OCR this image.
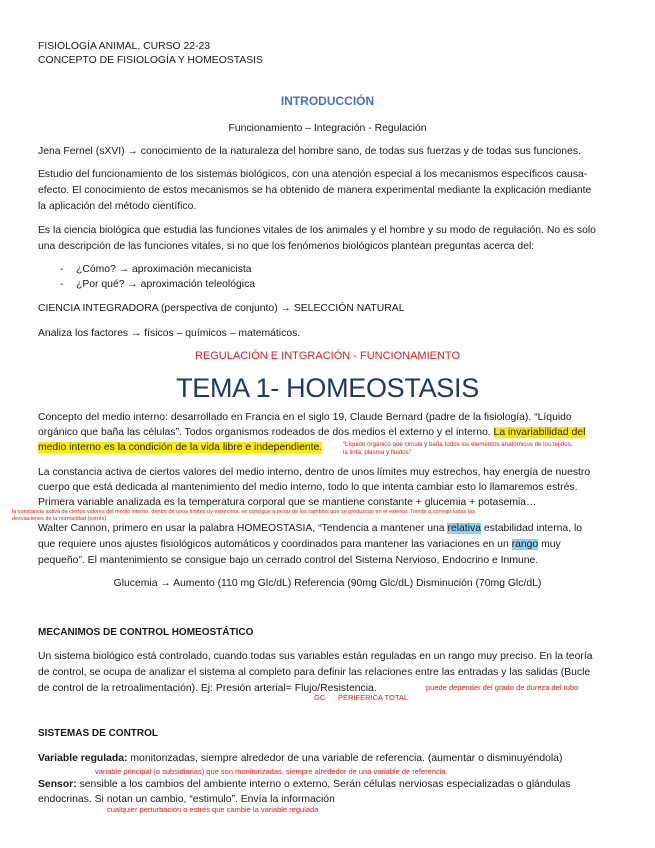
FISIOLOGÍA ANIMAL. CURSO 22-23
CONCEPTO DE FISIOLOGÍA Y HOMEOSTASIS
INTRODUCCIÓN
Funcionamiento – Integración - Regulación
Jena Fernel (sXVI) → conocimiento de la naturaleza del hombre sano, de todas sus fuerzas y de todas sus funciones.
Estudio del funcionamiento de los sistemas biológicos, con una atención especial a los mecanismos específicos causa-
efecto. El conocimiento de estos mecanismos se ha obtenido de manera experimental mediante la explicación mediante
la aplicación del método científico.
Es la ciencia biológica que estudia las funciones vitales de los animales y el hombre y su modo de regulación. No es solo
una descripción de las funciones vitales, si no que los fenómenos biológicos plantean preguntas acerca del:
- ¿Cómo? → aproximación mecanicista
- ¿Por qué? → aproximación teleológica
CIENCIA INTEGRADORA (perspectiva de conjunto) → SELECCIÓN NATURAL
Analiza los factores → físicos – químicos – matemáticos.
REGULACIÓN E INTGRACIÓN - FUNCIONAMIENTO
TEMA 1- HOMEOSTASIS
Concepto del medio interno: desarrollado en Francia en el siglo 19, Claude Bernard (padre de la fisiología). “Líquido
orgánico que baña las células”. Todos organismos rodeados de dos medios el externo y el interno. La invariabilidad del
medio interno es la condición de la vida libre e independiente.	“Líquido orgánico que circula y baña todos los elementos anatómicos de los tejidos,
la linfa, plasma y fluidos”
La constancia activa de ciertos valores del medio interno, dentro de unos límites muy estrechos, hay energía de nuestro
cuerpo que está dedicada al mantenimiento del medio interno, todo lo que intenta cambiar esto lo llamaremos estrés.
Primera variable analizada es la temperatura corporal que se mantiene constante + glucemia + potasemia…
la constancia activa de ciertos valores del medio interno, dentro de unos límites uy estrechos, se consigue a pesar de los cambios que se produzcan en el exterior. Tiende a corregir todas las
desviaciones de la normalidad (estrés).
Walter Cannon, primero en usar la palabra HOMEOSTASIA, “Tendencia a mantener una relativa estabilidad interna, lo
que requiere unos ajustes fisiológicos automáticos y coordinados para mantener las variaciones en un rango muy
pequeño”. El mantenimiento se consigue bajo un cerrado control del Sistema Nervioso, Endocrino e Inmune.
Glucemia → Aumento (110 mg Glc/dL) Referencia (90mg Glc/dL) Disminución (70mg Glc/dL)
MECANIMOS DE CONTROL HOMEOSTÁTICO
Un sistema biológico está controlado, cuando todas sus variables están reguladas en un rango muy preciso. En la teoría
de control, se ocupa de analizar el sistema al completo para definir las relaciones entre las entradas y las salidas (Bucle
de control de la retroalimentación). Ej: Presión arterial= Flujo/Resistencia.	puede depender del grado de dureza del tubo
GC PERIFERICA TOTAL
SISTEMAS DE CONTROL
Variable regulada: monitorizadas, siempre alrededor de una variable de referencia. (aumentar o disminuyéndola)
variable principal (o subsidiarias) que son monitorizadas, siempre alrededor de una variable de referencia.
Sensor: sensible a los cambios del ambiente interno o externo, Serán células nerviosas especializadas o glándulas
endocrinas. Si notan un cambio, “estimulo”. Envía la información
cualquier perturbación o estrés que cambie la variable regulada
